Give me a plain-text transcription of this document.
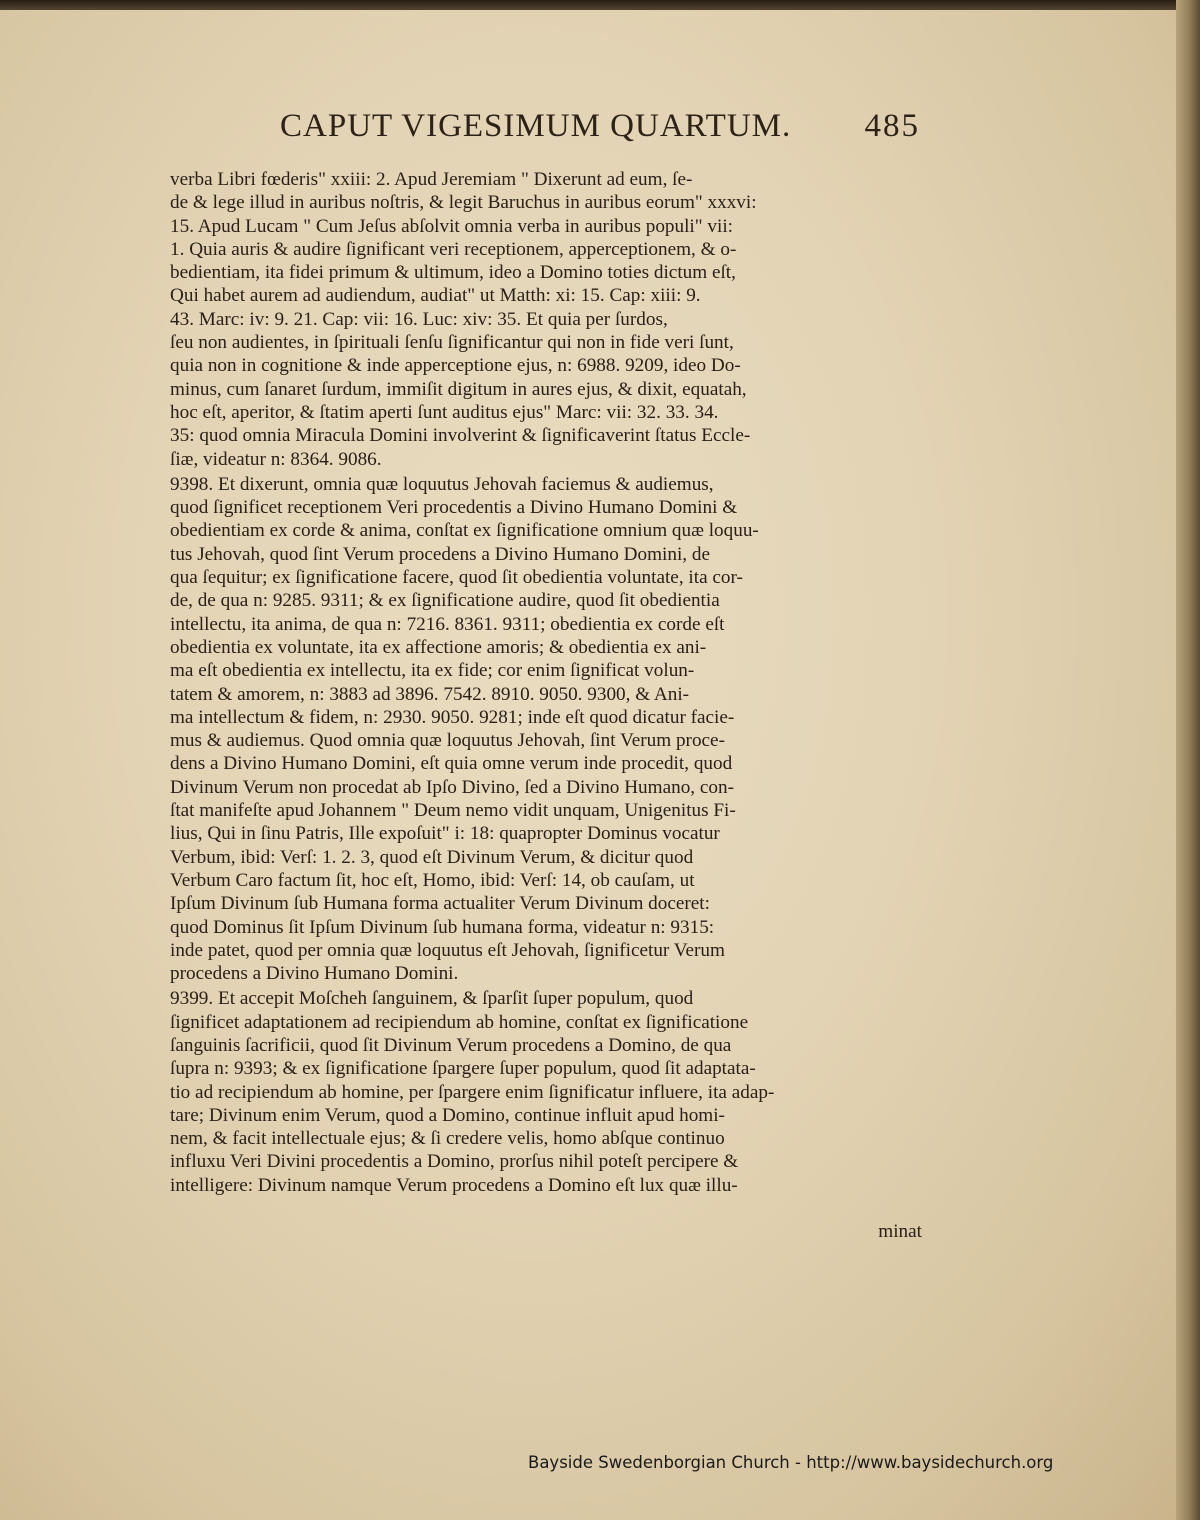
CAPUT VIGESIMUM QUARTUM. 485
verba Libri fœderis" xxiii: 2. Apud Jeremiam " Dixerunt ad eum, ſe-
de & lege illud in auribus noſtris, & legit Baruchus in auribus eorum" xxxvi:
15. Apud Lucam " Cum Jeſus abſolvit omnia verba in auribus populi" vii:
1. Quia auris & audire ſignificant veri receptionem, apperceptionem, & o-
bedientiam, ita fidei primum & ultimum, ideo a Domino toties dictum eſt,
Qui habet aurem ad audiendum, audiat" ut Matth: xi: 15. Cap: xiii: 9.
43. Marc: iv: 9. 21. Cap: vii: 16. Luc: xiv: 35. Et quia per ſurdos,
ſeu non audientes, in ſpirituali ſenſu ſignificantur qui non in fide veri ſunt,
quia non in cognitione & inde apperceptione ejus, n: 6988. 9209, ideo Do-
minus, cum ſanaret ſurdum, immiſit digitum in aures ejus, & dixit, equatah,
hoc eſt, aperitor, & ſtatim aperti ſunt auditus ejus" Marc: vii: 32. 33. 34.
35: quod omnia Miracula Domini involverint & ſignificaverint ſtatus Eccle-
ſiæ, videatur n: 8364. 9086.
9398. Et dixerunt, omnia quæ loquutus Jehovah faciemus & audiemus,
quod ſignificet receptionem Veri procedentis a Divino Humano Domini &
obedientiam ex corde & anima, conſtat ex ſignificatione omnium quæ loquu-
tus Jehovah, quod ſint Verum procedens a Divino Humano Domini, de
qua ſequitur; ex ſignificatione facere, quod ſit obedientia voluntate, ita cor-
de, de qua n: 9285. 9311; & ex ſignificatione audire, quod ſit obedientia
intellectu, ita anima, de qua n: 7216. 8361. 9311; obedientia ex corde eſt
obedientia ex voluntate, ita ex affectione amoris; & obedientia ex ani-
ma eſt obedientia ex intellectu, ita ex fide; cor enim ſignificat volun-
tatem & amorem, n: 3883 ad 3896. 7542. 8910. 9050. 9300, & Ani-
ma intellectum & fidem, n: 2930. 9050. 9281; inde eſt quod dicatur facie-
mus & audiemus. Quod omnia quæ loquutus Jehovah, ſint Verum proce-
dens a Divino Humano Domini, eſt quia omne verum inde procedit, quod
Divinum Verum non procedat ab Ipſo Divino, ſed a Divino Humano, con-
ſtat manifeſte apud Johannem " Deum nemo vidit unquam, Unigenitus Fi-
lius, Qui in ſinu Patris, Ille expoſuit" i: 18: quapropter Dominus vocatur
Verbum, ibid: Verſ: 1. 2. 3, quod eſt Divinum Verum, & dicitur quod
Verbum Caro factum ſit, hoc eſt, Homo, ibid: Verſ: 14, ob cauſam, ut
Ipſum Divinum ſub Humana forma actualiter Verum Divinum doceret:
quod Dominus ſit Ipſum Divinum ſub humana forma, videatur n: 9315:
inde patet, quod per omnia quæ loquutus eſt Jehovah, ſignificetur Verum
procedens a Divino Humano Domini.
9399. Et accepit Moſcheh ſanguinem, & ſparſit ſuper populum, quod
ſignificet adaptationem ad recipiendum ab homine, conſtat ex ſignificatione
ſanguinis ſacrificii, quod ſit Divinum Verum procedens a Domino, de qua
ſupra n: 9393; & ex ſignificatione ſpargere ſuper populum, quod ſit adaptata-
tio ad recipiendum ab homine, per ſpargere enim ſignificatur influere, ita adap-
tare; Divinum enim Verum, quod a Domino, continue influit apud homi-
nem, & facit intellectuale ejus; & ſi credere velis, homo abſque continuo
influxu Veri Divini procedentis a Domino, prorſus nihil poteſt percipere &
intelligere: Divinum namque Verum procedens a Domino eſt lux quæ illu-
minat
Bayside Swedenborgian Church - http://www.baysidechurch.org
